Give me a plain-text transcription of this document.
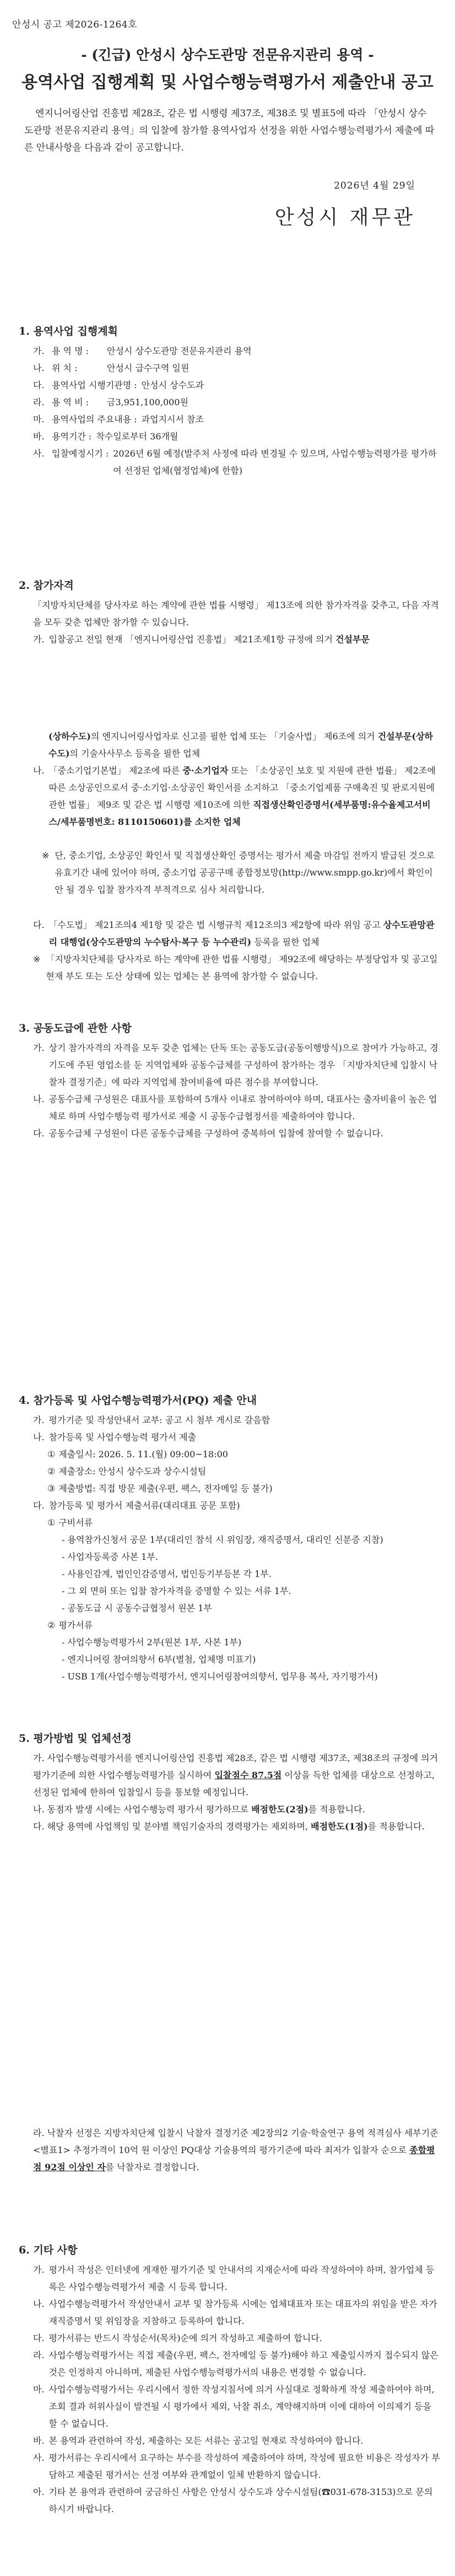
안성시 공고 제2026-1264호
- (긴급) 안성시 상수도관망 전문유지관리 용역 -
용역사업 집행계획 및 사업수행능력평가서 제출안내 공고
엔지니어링산업 진흥법 제28조, 같은 법 시행령 제37조, 제38조 및 별표5에 따라 「안성시 상수도관망 전문유지관리 용역」의 입찰에 참가할 용역사업자 선정을 위한 사업수행능력평가서 제출에 따른 안내사항을 다음과 같이 공고합니다.
2026년 4월 29일
안성시 재무관
1. 용역사업 집행계획
가. 용 역 명 :	안성시 상수도관망 전문유지관리 용역
나. 위 치 :	안성시 급수구역 일원
다. 용역사업 시행기관명 : 안성시 상수도과
라. 용 역 비 :	금3,951,100,000원
마. 용역사업의 주요내용 : 과업지시서 참조
바. 용역기간 : 착수일로부터 36개월
사. 입찰예정시기 : 2026년 6월 예정(발주처 사정에 따라 변경될 수 있으며, 사업수행능력평가를 평가하여 선정된 업체(협정업체)에 한함)
2. 참가자격
「지방자치단체를 당사자로 하는 계약에 관한 법률 시행령」 제13조에 의한 참가자격을 갖추고, 다음 자격을 모두 갖춘 업체만 참가할 수 있습니다.
가. 입찰공고 전일 현재 「엔지니어링산업 진흥법」 제21조제1항 규정에 의거 건설부문
(상하수도)의 엔지니어링사업자로 신고를 필한 업체 또는 「기술사법」 제6조에 의거 건설부문(상하수도)의 기술사사무소 등록을 필한 업체
나. 「중소기업기본법」 제2조에 따른 중·소기업자 또는 「소상공인 보호 및 지원에 관한 법률」 제2조에 따른 소상공인으로서 중·소기업·소상공인 확인서를 소지하고 「중소기업제품 구매촉진 및 판로지원에 관한 법률」 제9조 및 같은 법 시행령 제10조에 의한 직접생산확인증명서(세부품명:유수율제고서비스/세부품명번호: 8110150601)를 소지한 업체
※ 단, 중소기업, 소상공인 확인서 및 직접생산확인 증명서는 평가서 제출 마감일 전까지 발급된 것으로 유효기간 내에 있어야 하며, 중소기업 공공구매 종합정보망(http://www.smpp.go.kr)에서 확인이 안 될 경우 입찰 참가자격 부적격으로 심사 처리합니다.
다. 「수도법」 제21조의4 제1항 및 같은 법 시행규칙 제12조의3 제2항에 따라 위임 공고 상수도관망관리 대행업(상수도관망의 누수탐사·복구 등 누수관리) 등록을 필한 업체
※ 「지방자치단체를 당사자로 하는 계약에 관한 법률 시행령」 제92조에 해당하는 부정당업자 및 공고일 현재 부도 또는 도산 상태에 있는 업체는 본 용역에 참가할 수 없습니다.
3. 공동도급에 관한 사항
가. 상기 참가자격의 자격을 모두 갖춘 업체는 단독 또는 공동도급(공동이행방식)으로 참여가 가능하고, 경기도에 주된 영업소를 둔 지역업체와 공동수급체를 구성하여 참가하는 경우 「지방자치단체 입찰시 낙찰자 결정기준」에 따라 지역업체 참여비율에 따른 점수를 부여합니다.
나. 공동수급체 구성원은 대표사를 포함하여 5개사 이내로 참여하여야 하며, 대표사는 출자비율이 높은 업체로 하며 사업수행능력 평가서로 제출 시 공동수급협정서를 제출하여야 합니다.
다. 공동수급체 구성원이 다른 공동수급체를 구성하여 중복하여 입찰에 참여할 수 없습니다.
4. 참가등록 및 사업수행능력평가서(PQ) 제출 안내
가. 평가기준 및 작성안내서 교부: 공고 시 첨부 게시로 갈음함
나. 참가등록 및 사업수행능력 평가서 제출
① 제출일시: 2026. 5. 11.(월) 09:00~18:00
② 제출장소: 안성시 상수도과 상수시설팀
③ 제출방법: 직접 방문 제출(우편, 팩스, 전자메일 등 불가)
다. 참가등록 및 평가서 제출서류(대리대표 공문 포함)
① 구비서류
- 용역참가신청서 공문 1부(대리인 참석 시 위임장, 재직증명서, 대리인 신분증 지참)
- 사업자등록증 사본 1부.
- 사용인감계, 법인인감증명서, 법인등기부등본 각 1부.
- 그 외 면허 또는 입찰 참가자격을 증명할 수 있는 서류 1부.
- 공동도급 시 공동수급협정서 원본 1부
② 평가서류
- 사업수행능력평가서 2부(원본 1부, 사본 1부)
- 엔지니어링 참여의향서 6부(별첨, 업체명 미표기)
- USB 1개(사업수행능력평가서, 엔지니어링참여의향서, 업무용 복사, 자기평가서)
5. 평가방법 및 업체선정
가. 사업수행능력평가서를 엔지니어링산업 진흥법 제28조, 같은 법 시행령 제37조, 제38조의 규정에 의거 평가기준에 의한 사업수행능력평가를 실시하여 입찰점수 87.5점 이상을 득한 업체를 대상으로 선정하고, 선정된 업체에 한하여 입찰일시 등을 통보할 예정입니다.
나. 동점자 발생 시에는 사업수행능력 평가서 평가하므로 배점한도(2점)를 적용합니다.
다. 해당 용역에 사업책임 및 분야별 책임기술자의 경력평가는 제외하며, 배점한도(1점)를 적용합니다.
라. 낙찰자 선정은 지방자치단체 입찰시 낙찰자 결정기준 제2장의2 기술·학술연구 용역 적격심사 세부기준 <별표1> 추정가격이 10억 원 이상인 PQ대상 기술용역의 평가기준에 따라 최저가 입찰자 순으로 종합평점 92점 이상인 자를 낙찰자로 결정합니다.
6. 기타 사항
가. 평가서 작성은 인터넷에 게재한 평가기준 및 안내서의 지재순서에 따라 작성하여야 하며, 참가업체 등록은 사업수행능력평가서 제출 시 등록 합니다.
나. 사업수행능력평가서 작성안내서 교부 및 참가등록 시에는 업체대표자 또는 대표자의 위임을 받은 자가 재직증명서 및 위임장을 지참하고 등록하여 합니다.
다. 평가서류는 반드시 작성순서(목차)순에 의거 작성하고 제출하여 합니다.
라. 사업수행능력평가서는 직접 제출(우편, 팩스, 전자메일 등 불가)해야 하고 제출일시까지 접수되지 않은 것은 인정하지 아니하며, 제출된 사업수행능력평가서의 내용은 변경할 수 없습니다.
마. 사업수행능력평가서는 우리시에서 정한 작성지침서에 의거 사실대로 정확하게 작성 제출하여야 하며, 조회 결과 허위사실이 발견될 시 평가에서 제외, 낙찰 취소, 계약해지하며 이에 대하여 이의제기 등을 할 수 없습니다.
바. 본 용역과 관련하여 작성, 제출하는 모든 서류는 공고일 현재로 작성하여야 합니다.
사. 평가서류는 우리시에서 요구하는 부수를 작성하여 제출하여야 하며, 작성에 필요한 비용은 작성자가 부담하고 제출된 평가서는 선정 여부와 관계없이 일체 반환하지 않습니다.
아. 기타 본 용역과 관련하여 궁금하신 사항은 안성시 상수도과 상수시설팀(☎031-678-3153)으로 문의하시기 바랍니다.
